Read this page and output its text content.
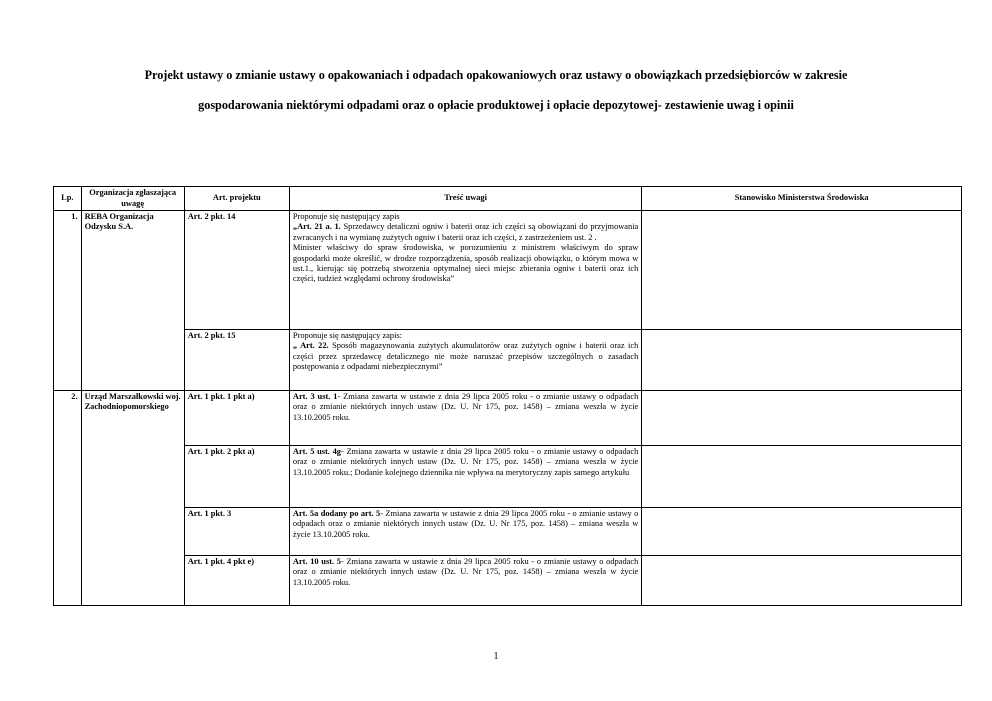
Projekt ustawy o zmianie ustawy o opakowaniach i odpadach opakowaniowych oraz ustawy o obowiązkach przedsiębiorców w zakresie
gospodarowania niektórymi odpadami oraz o opłacie produktowej i opłacie depozytowej- zestawienie uwag i opinii
Lp.	Organizacja zgłaszająca uwagę	Art. projektu	Treść uwagi	Stanowisko Ministerstwa Środowiska
1.	REBA Organizacja Odzysku S.A.	Art. 2 pkt. 14	Proponuje się następujący zapis
„Art. 21 a. 1. Sprzedawcy detaliczni ogniw i baterii oraz ich części są obowiązani do przyjmowania zwracanych i na wymianę zużytych ogniw i baterii oraz ich części, z zastrzeżeniem ust. 2 .
Minister właściwy do spraw środowiska, w porozumieniu z ministrem właściwym do spraw gospodarki może określić, w drodze rozporządzenia, sposób realizacji obowiązku, o którym mowa w ust.1., kierując się potrzebą stworzenia optymalnej sieci miejsc zbierania ogniw i baterii oraz ich części, tudzież względami ochrony środowiska”	

		Art. 2 pkt. 15	Proponuje się następujący zapis:
„ Art. 22. Sposób magazynowania zużytych akumulatorów oraz zużytych ogniw i baterii oraz ich części przez sprzedawcę detalicznego nie może naruszać przepisów szczególnych o zasadach postępowania z odpadami niebezpiecznymi”	

2.	Urząd Marszałkowski woj. Zachodniopomorskiego	Art. 1 pkt. 1 pkt a)	Art. 3 ust. 1- Zmiana zawarta w ustawie z dnia 29 lipca 2005 roku - o zmianie ustawy o odpadach oraz o zmianie niektórych innych ustaw (Dz. U. Nr 175, poz. 1458) – zmiana weszła w życie 13.10.2005 roku.	
		Art. 1 pkt. 2 pkt a)	Art. 5 ust. 4g- Zmiana zawarta w ustawie z dnia 29 lipca 2005 roku - o zmianie ustawy o odpadach oraz o zmianie niektórych innych ustaw (Dz. U. Nr 175, poz. 1458) – zmiana weszła w życie 13.10.2005 roku.; Dodanie kolejnego dziennika nie wpływa na merytoryczny zapis samego artykułu	
		Art. 1 pkt. 3	Art. 5a dodany po art. 5- Zmiana zawarta w ustawie z dnia 29 lipca 2005 roku - o zmianie ustawy o odpadach oraz o zmianie niektórych innych ustaw (Dz. U. Nr 175, poz. 1458) – zmiana weszła w życie 13.10.2005 roku.	
		Art. 1 pkt. 4 pkt e)	Art. 10 ust. 5- Zmiana zawarta w ustawie z dnia 29 lipca 2005 roku - o zmianie ustawy o odpadach oraz o zmianie niektórych innych ustaw (Dz. U. Nr 175, poz. 1458) – zmiana weszła w życie 13.10.2005 roku.	
1
